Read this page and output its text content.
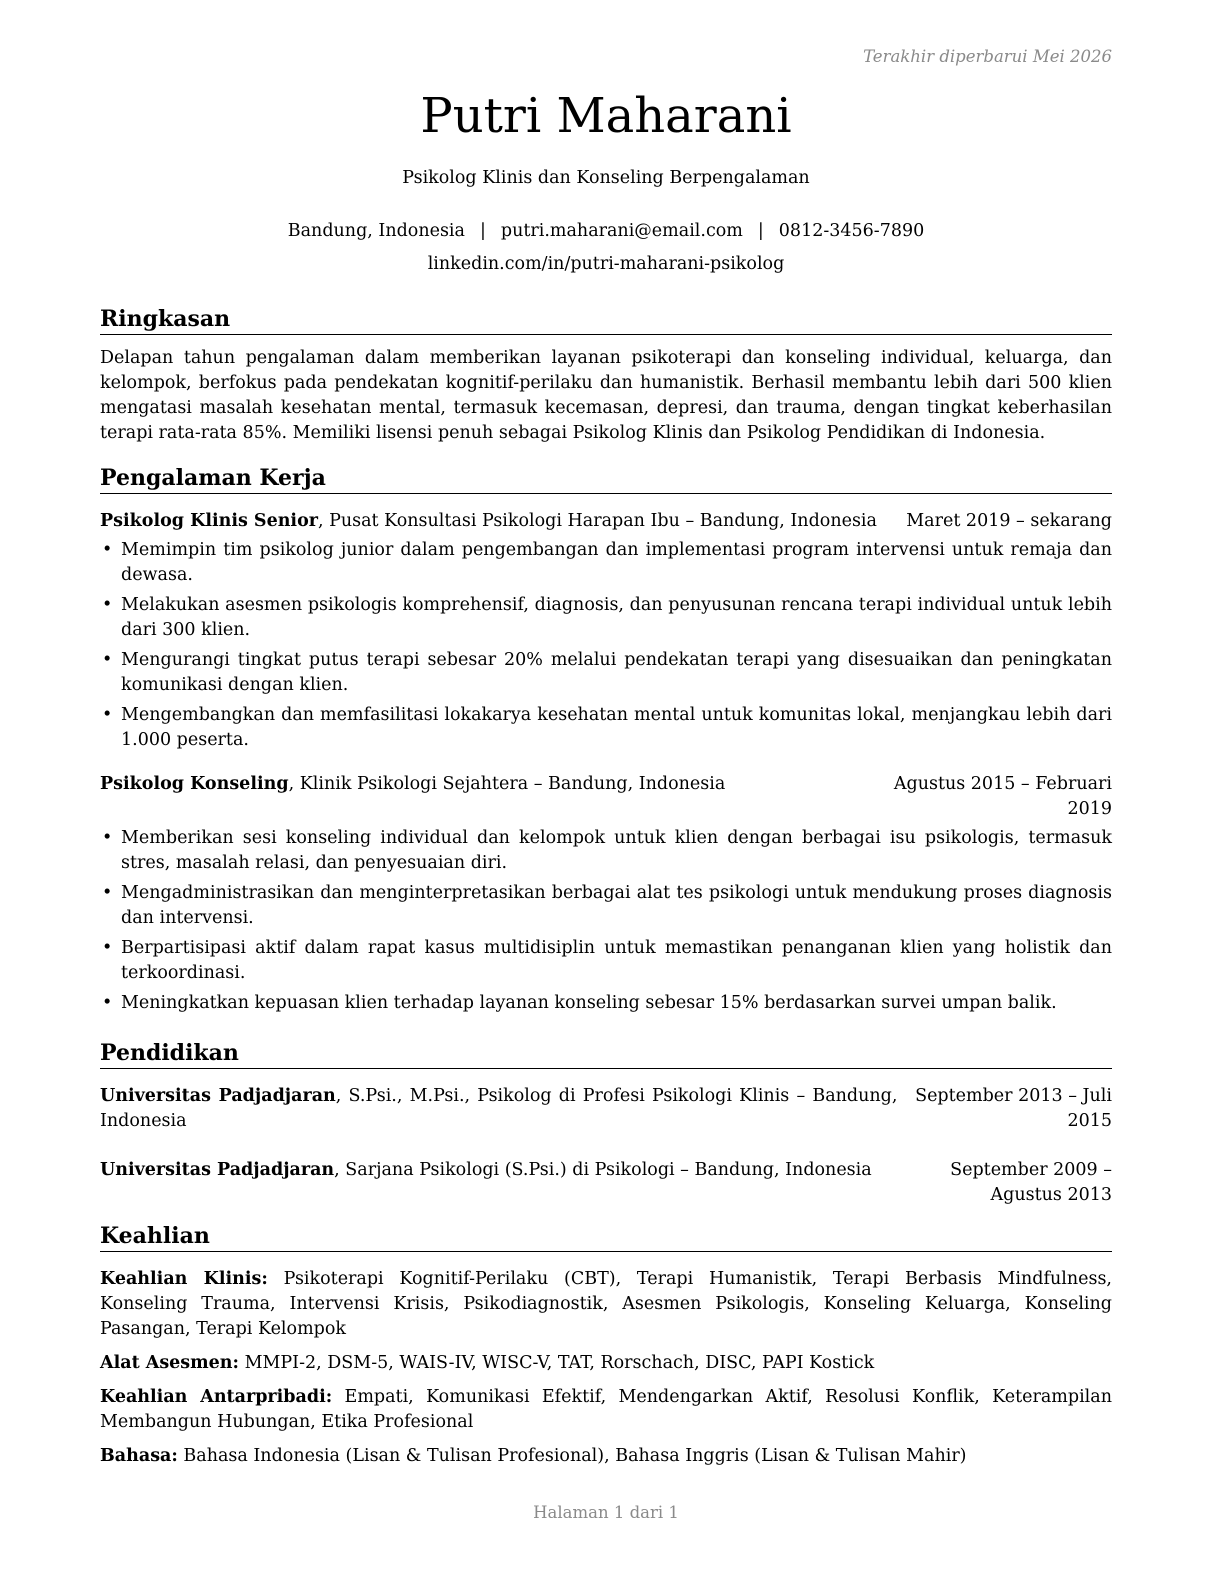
Terakhir diperbarui Mei 2026
Putri Maharani
Psikolog Klinis dan Konseling Berpengalaman
Bandung, Indonesia | putri.maharani@email.com | 0812-3456-7890
linkedin.com/in/putri-maharani-psikolog
Ringkasan
Delapan tahun pengalaman dalam memberikan layanan psikoterapi dan konseling individual, keluarga, dan kelompok, berfokus pada pendekatan kognitif-perilaku dan humanistik. Berhasil membantu lebih dari 500 klien mengatasi masalah kesehatan mental, termasuk kecemasan, depresi, dan trauma, dengan tingkat keberhasilan terapi rata-rata 85%. Memiliki lisensi penuh sebagai Psikolog Klinis dan Psikolog Pendidikan di Indonesia.
Pengalaman Kerja
Psikolog Klinis Senior, Pusat Konsultasi Psikologi Harapan Ibu – Bandung, Indonesia	Maret 2019 – sekarang
• Memimpin tim psikolog junior dalam pengembangan dan implementasi program intervensi untuk remaja dan dewasa.
• Melakukan asesmen psikologis komprehensif, diagnosis, dan penyusunan rencana terapi individual untuk lebih dari 300 klien.
• Mengurangi tingkat putus terapi sebesar 20% melalui pendekatan terapi yang disesuaikan dan peningkatan komunikasi dengan klien.
• Mengembangkan dan memfasilitasi lokakarya kesehatan mental untuk komunitas lokal, menjangkau lebih dari 1.000 peserta.
Psikolog Konseling, Klinik Psikologi Sejahtera – Bandung, Indonesia	Agustus 2015 – Februari 2019
• Memberikan sesi konseling individual dan kelompok untuk klien dengan berbagai isu psikologis, termasuk stres, masalah relasi, dan penyesuaian diri.
• Mengadministrasikan dan menginterpretasikan berbagai alat tes psikologi untuk mendukung proses diagnosis dan intervensi.
• Berpartisipasi aktif dalam rapat kasus multidisiplin untuk memastikan penanganan klien yang holistik dan terkoordinasi.
• Meningkatkan kepuasan klien terhadap layanan konseling sebesar 15% berdasarkan survei umpan balik.
Pendidikan
Universitas Padjadjaran, S.Psi., M.Psi., Psikolog di Profesi Psikologi Klinis – Bandung, Indonesia
September 2013 – Juli 2015
Universitas Padjadjaran, Sarjana Psikologi (S.Psi.) di Psikologi – Bandung, Indonesia	September 2009 – Agustus 2013
Keahlian
Keahlian Klinis: Psikoterapi Kognitif-Perilaku (CBT), Terapi Humanistik, Terapi Berbasis Mindfulness, Konseling Trauma, Intervensi Krisis, Psikodiagnostik, Asesmen Psikologis, Konseling Keluarga, Konseling Pasangan, Terapi Kelompok
Alat Asesmen: MMPI-2, DSM-5, WAIS-IV, WISC-V, TAT, Rorschach, DISC, PAPI Kostick
Keahlian Antarpribadi: Empati, Komunikasi Efektif, Mendengarkan Aktif, Resolusi Konflik, Keterampilan Membangun Hubungan, Etika Profesional
Bahasa: Bahasa Indonesia (Lisan & Tulisan Profesional), Bahasa Inggris (Lisan & Tulisan Mahir)
Halaman 1 dari 1
